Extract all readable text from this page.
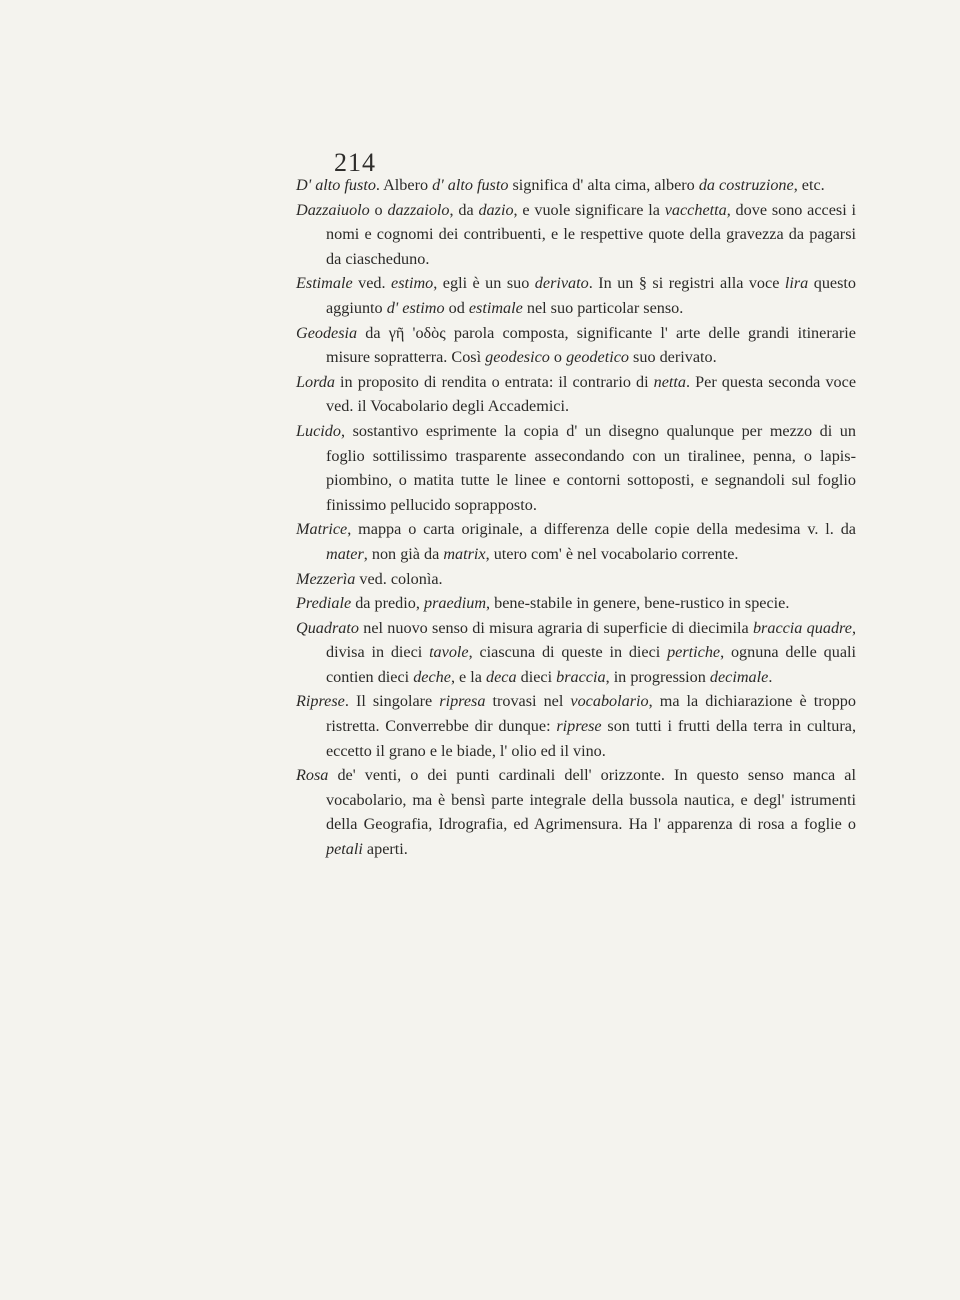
214

D' alto fusto. Albero d' alto fusto significa d' alta cima, albero da costruzione, etc.

Dazzaiuolo o dazzaiolo, da dazio, e vuole significare la vacchetta, dove sono accesi i nomi e cognomi dei contribuenti, e le respettive quote della gravezza da pagarsi da ciascheduno.

Estimale ved. estimo, egli è un suo derivato. In un § si registri alla voce lira questo aggiunto d' estimo od estimale nel suo particolar senso.

Geodesia da γῆ 'οδὸς parola composta, significante l' arte delle grandi itinerarie misure sopratterra. Così geodesico o geodetico suo derivato.

Lorda in proposito di rendita o entrata: il contrario di netta. Per questa seconda voce ved. il Vocabolario degli Accademici.

Lucido, sostantivo esprimente la copia d' un disegno qualunque per mezzo di un foglio sottilissimo trasparente assecondando con un tiralinee, penna, o lapis-piombino, o matita tutte le linee e contorni sottoposti, e segnandoli sul foglio finissimo pellucido soprapposto.

Matrice, mappa o carta originale, a differenza delle copie della medesima v. l. da mater, non già da matrix, utero com' è nel vocabolario corrente.

Mezzerìa ved. colonìa.

Prediale da predio, praedium, bene-stabile in genere, bene-rustico in specie.

Quadrato nel nuovo senso di misura agraria di superficie di diecimila braccia quadre, divisa in dieci tavole, ciascuna di queste in dieci pertiche, ognuna delle quali contien dieci deche, e la deca dieci braccia, in progression decimale.

Riprese. Il singolare ripresa trovasi nel vocabolario, ma la dichiarazione è troppo ristretta. Converrebbe dir dunque: riprese son tutti i frutti della terra in cultura, eccetto il grano e le biade, l' olio ed il vino.

Rosa de' venti, o dei punti cardinali dell' orizzonte. In questo senso manca al vocabolario, ma è bensì parte integrale della bussola nautica, e degl' istrumenti della Geografia, Idrografia, ed Agrimensura. Ha l' apparenza di rosa a foglie o petali aperti.
